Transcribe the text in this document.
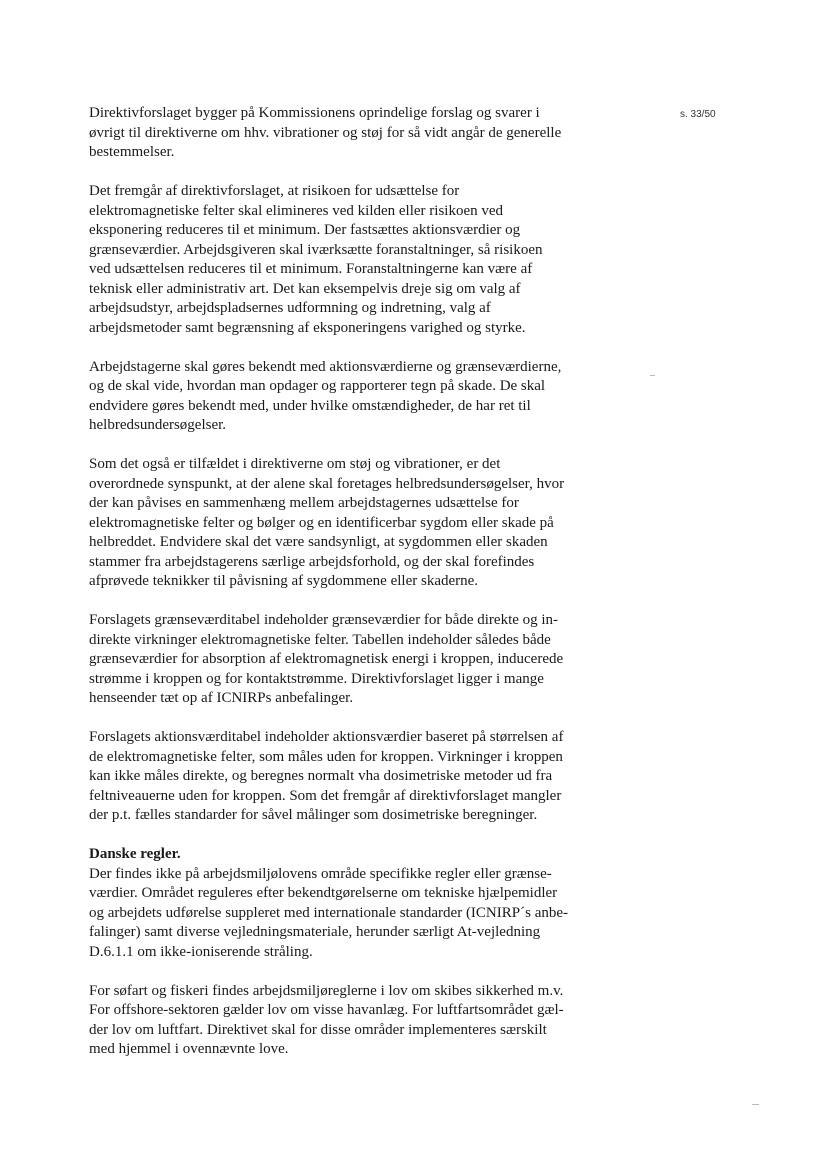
s. 33/50
Direktivforslaget bygger på Kommissionens oprindelige forslag og svarer i
øvrigt til direktiverne om hhv. vibrationer og støj for så vidt angår de generelle
bestemmelser.
Det fremgår af direktivforslaget, at risikoen for udsættelse for
elektromagnetiske felter skal elimineres ved kilden eller risikoen ved
eksponering reduceres til et minimum. Der fastsættes aktionsværdier og
grænseværdier. Arbejdsgiveren skal iværksætte foranstaltninger, så risikoen
ved udsættelsen reduceres til et minimum. Foranstaltningerne kan være af
teknisk eller administrativ art. Det kan eksempelvis dreje sig om valg af
arbejdsudstyr, arbejdspladsernes udformning og indretning, valg af
arbejdsmetoder samt begrænsning af eksponeringens varighed og styrke.
Arbejdstagerne skal gøres bekendt med aktionsværdierne og grænseværdierne,
og de skal vide, hvordan man opdager og rapporterer tegn på skade. De skal
endvidere gøres bekendt med, under hvilke omstændigheder, de har ret til
helbredsundersøgelser.
Som det også er tilfældet i direktiverne om støj og vibrationer, er det
overordnede synspunkt, at der alene skal foretages helbredsundersøgelser, hvor
der kan påvises en sammenhæng mellem arbejdstagernes udsættelse for
elektromagnetiske felter og bølger og en identificerbar sygdom eller skade på
helbreddet. Endvidere skal det være sandsynligt, at sygdommen eller skaden
stammer fra arbejdstagerens særlige arbejdsforhold, og der skal forefindes
afprøvede teknikker til påvisning af sygdommene eller skaderne.
Forslagets grænseværditabel indeholder grænseværdier for både direkte og in-
direkte virkninger elektromagnetiske felter. Tabellen indeholder således både
grænseværdier for absorption af elektromagnetisk energi i kroppen, inducerede
strømme i kroppen og for kontaktstrømme. Direktivforslaget ligger i mange
henseender tæt op af ICNIRPs anbefalinger.
Forslagets aktionsværditabel indeholder aktionsværdier baseret på størrelsen af
de elektromagnetiske felter, som måles uden for kroppen. Virkninger i kroppen
kan ikke måles direkte, og beregnes normalt vha dosimetriske metoder ud fra
feltniveauerne uden for kroppen. Som det fremgår af direktivforslaget mangler
der p.t. fælles standarder for såvel målinger som dosimetriske beregninger.
Danske regler.
Der findes ikke på arbejdsmiljølovens område specifikke regler eller grænse-
værdier. Området reguleres efter bekendtgørelserne om tekniske hjælpemidler
og arbejdets udførelse suppleret med internationale standarder (ICNIRP´s anbe-
falinger) samt diverse vejledningsmateriale, herunder særligt At-vejledning
D.6.1.1 om ikke-ioniserende stråling.
For søfart og fiskeri findes arbejdsmiljøreglerne i lov om skibes sikkerhed m.v.
For offshore-sektoren gælder lov om visse havanlæg. For luftfartsområdet gæl-
der lov om luftfart. Direktivet skal for disse områder implementeres særskilt
med hjemmel i ovennævnte love.
